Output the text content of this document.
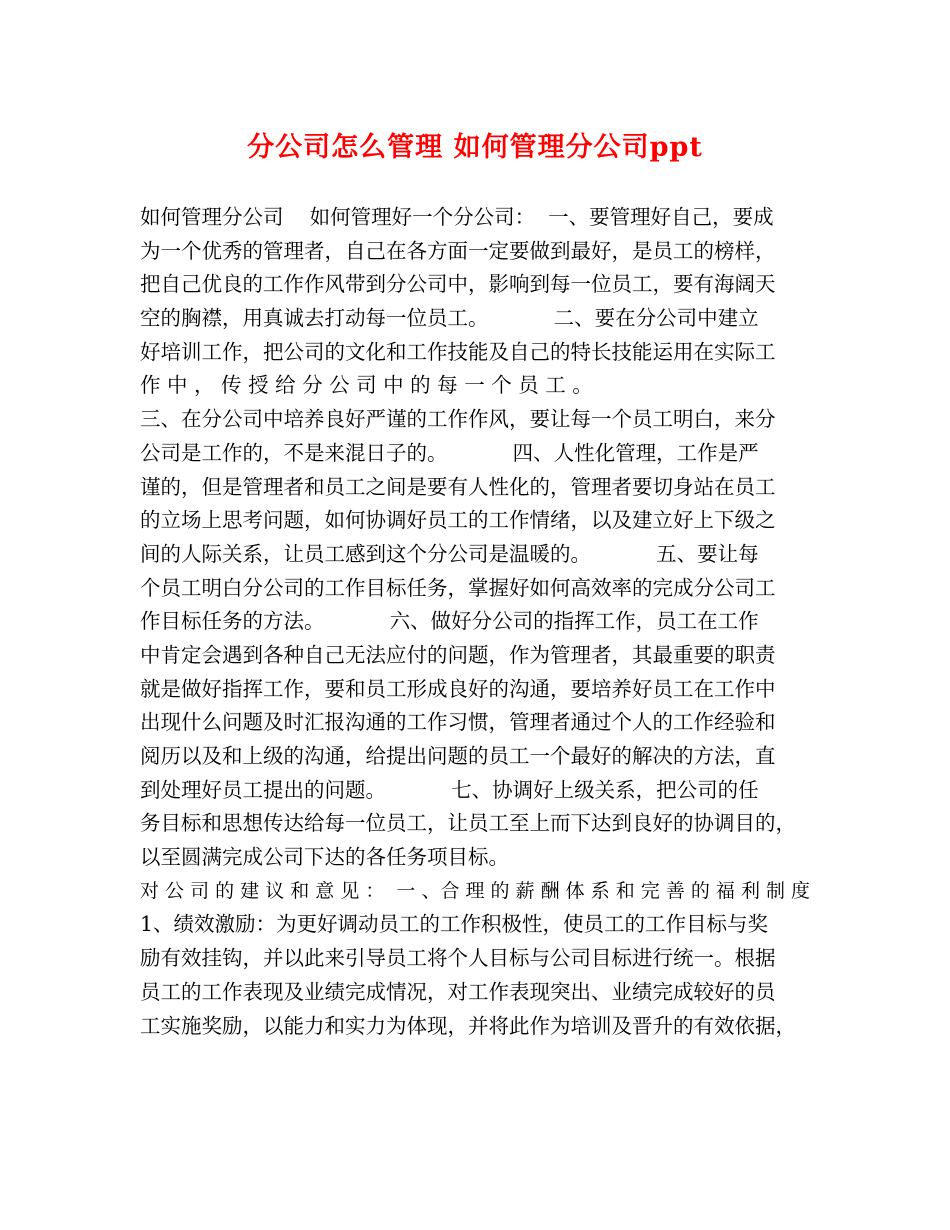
分公司怎么管理 如何管理分公司ppt
如何管理分公司    如何管理好一个分公司：  一、要管理好自己，要成
为一个优秀的管理者，自己在各方面一定要做到最好，是员工的榜样，
把自己优良的工作作风带到分公司中，影响到每一位员工，要有海阔天
空的胸襟，用真诚去打动每一位员工。          二、要在分公司中建立
好培训工作，把公司的文化和工作技能及自己的特长技能运用在实际工
作 中 ， 传 授 给 分 公 司 中 的 每 一 个 员 工 。
三、在分公司中培养良好严谨的工作作风，要让每一个员工明白，来分
公司是工作的，不是来混日子的。          四、人性化管理，工作是严
谨的，但是管理者和员工之间是要有人性化的，管理者要切身站在员工
的立场上思考问题，如何协调好员工的工作情绪，以及建立好上下级之
间的人际关系，让员工感到这个分公司是温暖的。          五、要让每
个员工明白分公司的工作目标任务，掌握好如何高效率的完成分公司工
作目标任务的方法。          六、做好分公司的指挥工作，员工在工作
中肯定会遇到各种自己无法应付的问题，作为管理者，其最重要的职责
就是做好指挥工作，要和员工形成良好的沟通，要培养好员工在工作中
出现什么问题及时汇报沟通的工作习惯，管理者通过个人的工作经验和
阅历以及和上级的沟通，给提出问题的员工一个最好的解决的方法，直
到处理好员工提出的问题。          七、协调好上级关系，把公司的任
务目标和思想传达给每一位员工，让员工至上而下达到良好的协调目的，
以至圆满完成公司下达的各任务项目标。
对 公 司 的 建 议 和 意 见 ：  一 、合 理 的 薪 酬 体 系 和 完 善 的 福 利 制 度
1、绩效激励：为更好调动员工的工作积极性，使员工的工作目标与奖
励有效挂钩，并以此来引导员工将个人目标与公司目标进行统一。根据
员工的工作表现及业绩完成情况，对工作表现突出、业绩完成较好的员
工实施奖励，以能力和实力为体现，并将此作为培训及晋升的有效依据，
